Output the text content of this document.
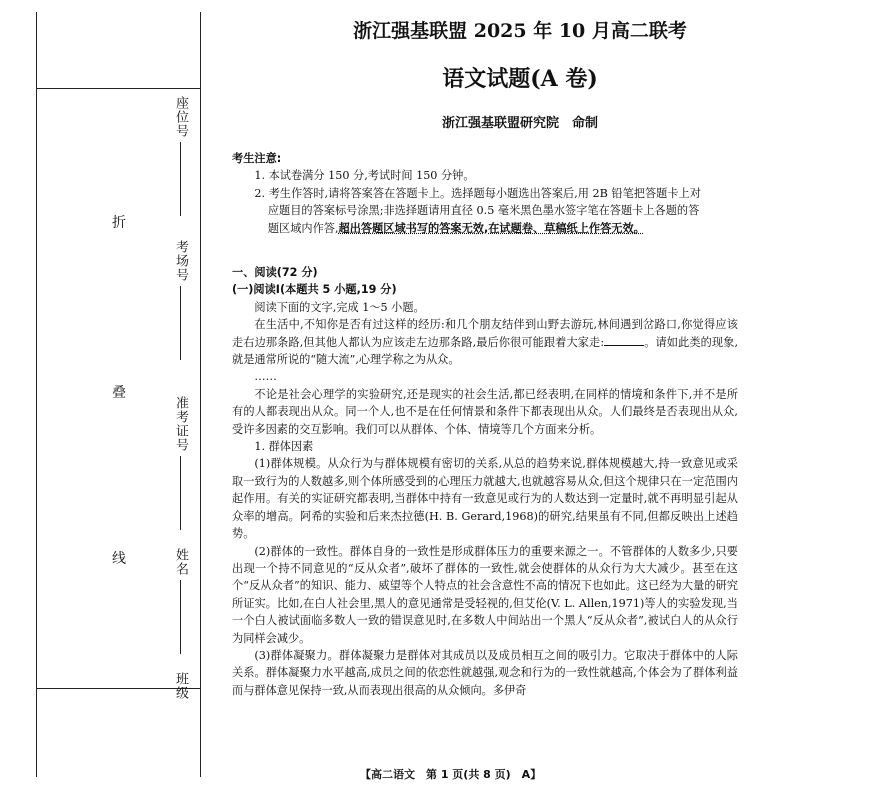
折
叠
线
座位号
考场号
准考证号
姓名
班级
浙江强基联盟 2025 年 10 月高二联考
语文试题(A 卷)
浙江强基联盟研究院　命制
考生注意:

1. 本试卷满分 150 分,考试时间 150 分钟。

2. 考生作答时,请将答案答在答题卡上。选择题每小题选出答案后,用 2B 铅笔把答题卡上对

应题目的答案标号涂黑;非选择题请用直径 0.5 毫米黑色墨水签字笔在答题卡上各题的答

题区域内作答,超出答题区域书写的答案无效,在试题卷、草稿纸上作答无效。

一、阅读(72 分)
(一)阅读Ⅰ(本题共 5 小题,19 分)

阅读下面的文字,完成 1～5 小题。

在生活中,不知你是否有过这样的经历:和几个朋友结伴到山野去游玩,林间遇到岔路口,你觉得应该走右边那条路,但其他人都认为应该走左边那条路,最后你很可能跟着大家走:	。请如此类的现象,就是通常所说的“随大流”,心理学称之为从众。

……

不论是社会心理学的实验研究,还是现实的社会生活,都已经表明,在同样的情境和条件下,并不是所有的人都表现出从众。同一个人,也不是在任何情景和条件下都表现出从众。人们最终是否表现出从众,受许多因素的交互影响。我们可以从群体、个体、情境等几个方面来分析。

1. 群体因素

(1)群体规模。从众行为与群体规模有密切的关系,从总的趋势来说,群体规模越大,持一致意见或采取一致行为的人数越多,则个体所感受到的心理压力就越大,也就越容易从众,但这个规律只在一定范围内起作用。有关的实证研究都表明,当群体中持有一致意见或行为的人数达到一定量时,就不再明显引起从众率的增高。阿希的实验和后来杰拉德(H. B. Gerard,1968)的研究,结果虽有不同,但都反映出上述趋势。

(2)群体的一致性。群体自身的一致性是形成群体压力的重要来源之一。不管群体的人数多少,只要出现一个持不同意见的“反从众者”,破坏了群体的一致性,就会使群体的从众行为大大减少。甚至在这个“反从众者”的知识、能力、威望等个人特点的社会含意性不高的情况下也如此。这已经为大量的研究所证实。比如,在白人社会里,黑人的意见通常是受轻视的,但艾伦(V. L. Allen,1971)等人的实验发现,当一个白人被试面临多数人一致的错误意见时,在多数人中间站出一个黑人“反从众者”,被试白人的从众行为同样会减少。

(3)群体凝聚力。群体凝聚力是群体对其成员以及成员相互之间的吸引力。它取决于群体中的人际关系。群体凝聚力水平越高,成员之间的依恋性就越强,观念和行为的一致性就越高,个体会为了群体利益而与群体意见保持一致,从而表现出很高的从众倾向。多伊奇

【高二语文　第 1 页(共 8 页)　A】
